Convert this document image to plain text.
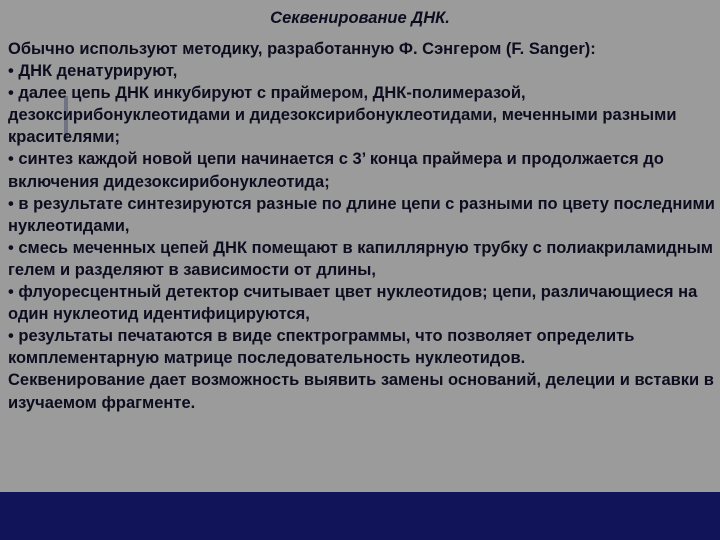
Секвенирование ДНК.

Обычно используют методику, разработанную Ф. Сэнгером (F. Sanger):

• ДНК денатурируют,

• далее цепь ДНК инкубируют с праймером, ДНК-полимеразой, дезоксирибонуклеотидами и дидезоксирибонуклеотидами, меченными разными красителями;

• синтез каждой новой цепи начинается с 3’ конца праймера и продолжается до включения дидезоксирибонуклеотида;

• в результате синтезируются разные по длине цепи с разными по цвету последними нуклеотидами,

• смесь меченных цепей ДНК помещают в капиллярную трубку с полиакриламидным гелем и разделяют в зависимости от длины,

• флуоресцентный детектор считывает цвет нуклеотидов; цепи, различающиеся на один нуклеотид идентифицируются,

• результаты печатаются в виде спектрограммы, что позволяет определить комплементарную матрице последовательность нуклеотидов.

Секвенирование дает возможность выявить замены оснований, делеции и вставки в изучаемом фрагменте.
